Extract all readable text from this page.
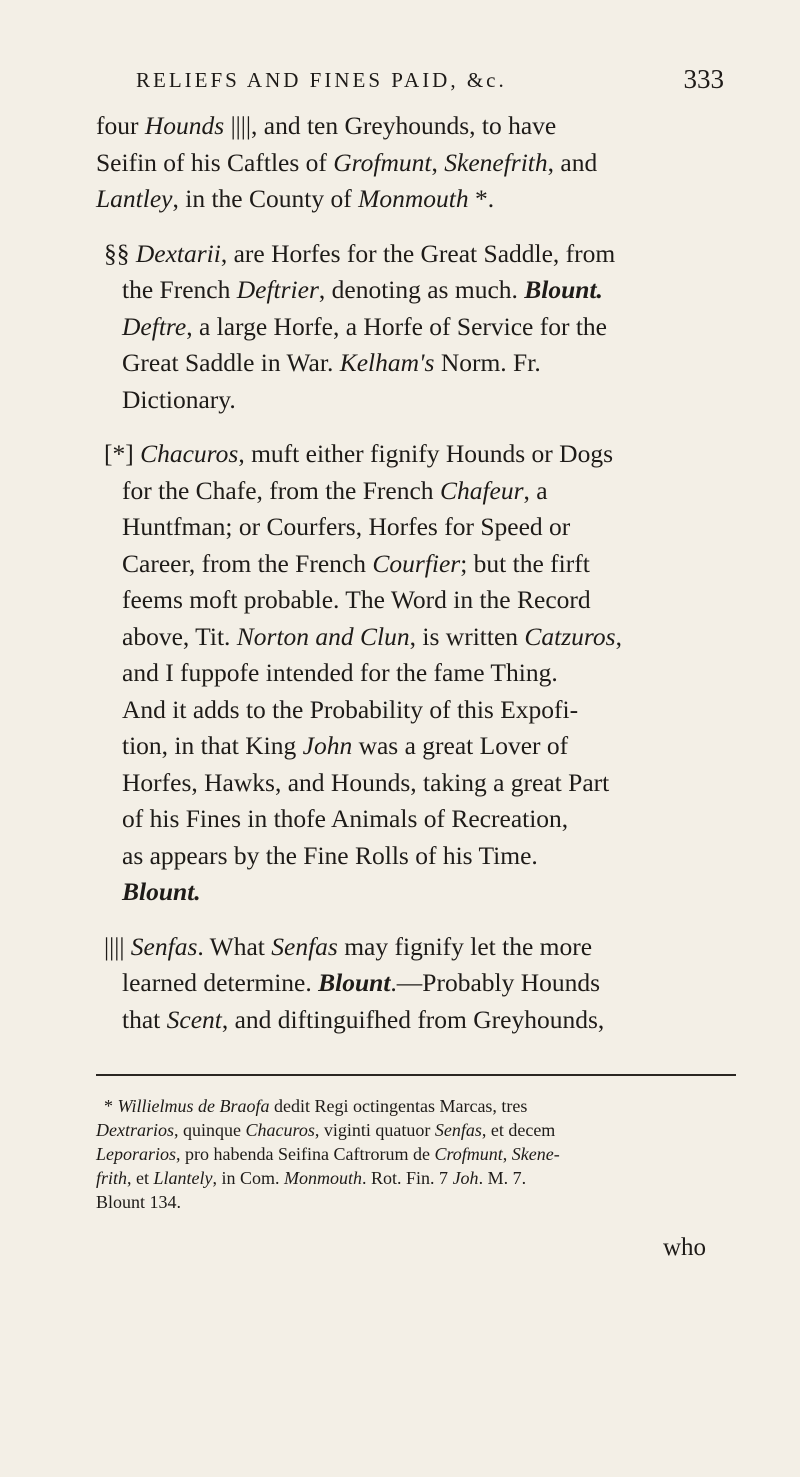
RELIEFS AND FINES PAID, &c.	333

four Hounds ||||, and ten Greyhounds, to have
Seifin of his Caftles of Grofmunt, Skenefrith, and
Lantley, in the County of Monmouth *.

§§ Dextarii, are Horfes for the Great Saddle, from
the French Deftrier, denoting as much. Blount.
Deftre, a large Horfe, a Horfe of Service for the
Great Saddle in War. Kelham's Norm. Fr.
Dictionary.

[*] Chacuros, muft either fignify Hounds or Dogs
for the Chafe, from the French Chafeur, a
Huntfman; or Courfers, Horfes for Speed or
Career, from the French Courfier; but the firft
feems moft probable. The Word in the Record
above, Tit. Norton and Clun, is written Catzuros,
and I fuppofe intended for the fame Thing.
And it adds to the Probability of this Expofi-
tion, in that King John was a great Lover of
Horfes, Hawks, and Hounds, taking a great Part
of his Fines in thofe Animals of Recreation,
as appears by the Fine Rolls of his Time.
Blount.

|||| Senfas. What Senfas may fignify let the more
learned determine. Blount.—Probably Hounds
that Scent, and diftinguifhed from Greyhounds,

* Willielmus de Braofa dedit Regi octingentas Marcas, tres
Dextrarios, quinque Chacuros, viginti quatuor Senfas, et decem
Leporarios, pro habenda Seifina Caftrorum de Crofmunt, Skene-
frith, et Llantely, in Com. Monmouth. Rot. Fin. 7 Joh. M. 7.
Blount 134.

who
